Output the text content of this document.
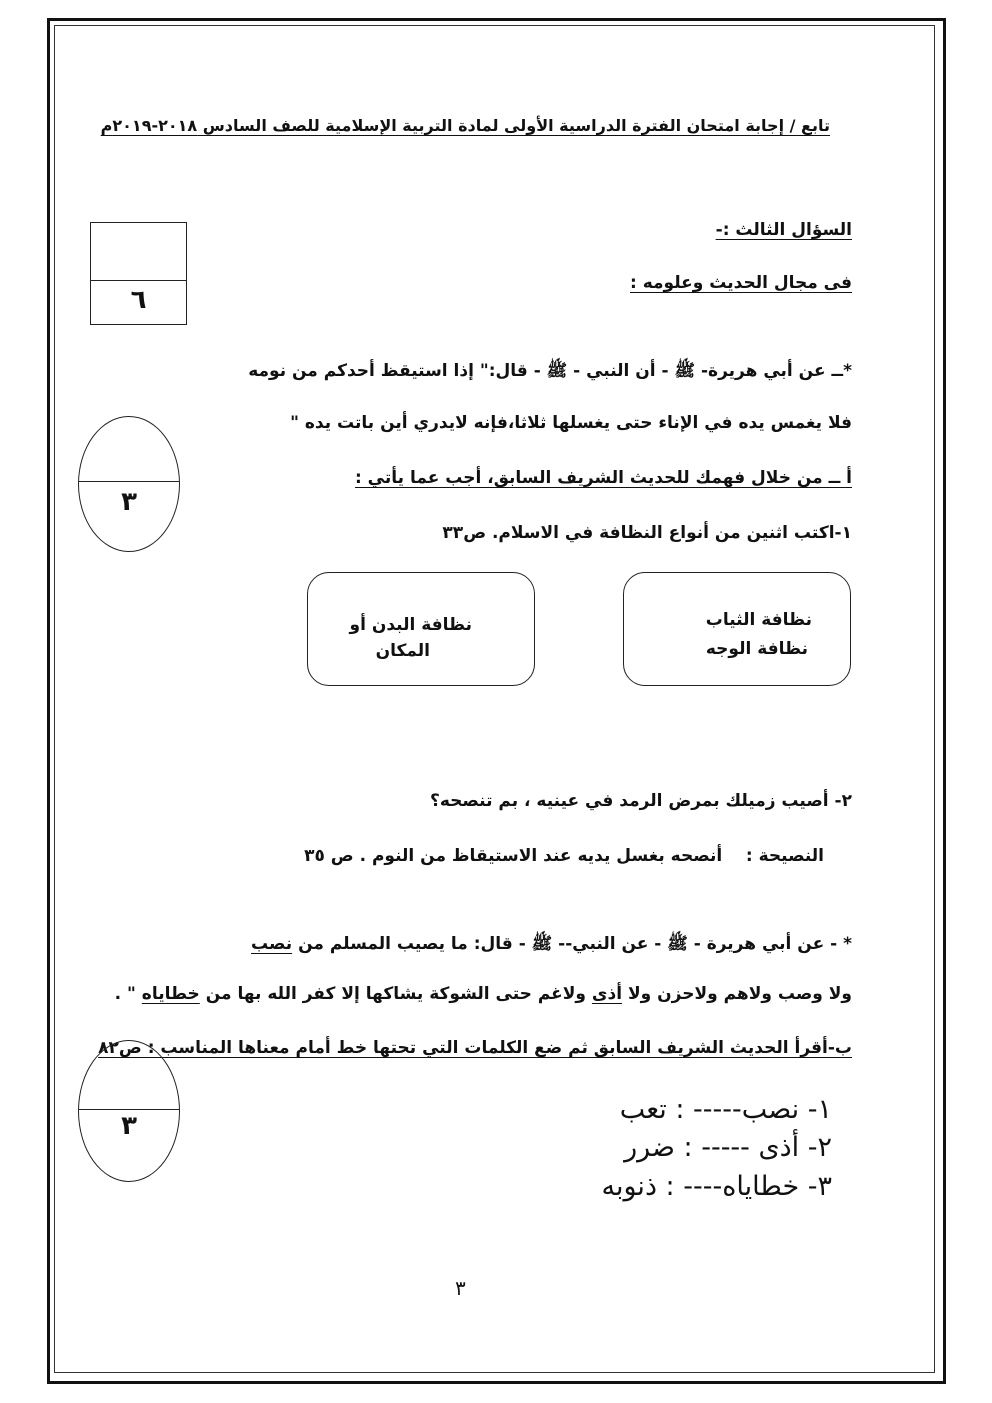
تابع / إجابة امتحان الفترة الدراسية الأولى لمادة التربية الإسلامية للصف السادس ٢٠١٨-٢٠١٩م
السؤال الثالث :-
فى مجال الحديث وعلومه :
٦
*ــ عن أبي هريرة- ﷺ - أن النبي - ﷺ - قال:" إذا استيقظ أحدكم من نومه
فلا يغمس يده في الإناء حتى يغسلها ثلاثا،فإنه لايدري أين باتت يده "
٣
أ ــ من خلال فهمك للحديث الشريف السابق، أجب عما يأتي :
١-اكتب اثنين من أنواع النظافة في الاسلام. ص٣٣
نظافة الثياب
نظافة الوجه
نظافة البدن أو
المكان
٢- أصيب زميلك بمرض الرمد في عينيه ، بم تنصحه؟
النصيحة :    أنصحه بغسل يديه عند الاستيقاظ من النوم . ص ٣٥
* - عن أبي هريرة - ﷺ - عن النبي-- ﷺ - قال: ما يصيب المسلم من نصب
ولا وصب ولاهم ولاحزن ولا أذى ولاغم حتى الشوكة يشاكها إلا كفر الله بها من خطاياه " .
ب-أقرأ الحديث الشريف السابق ثم ضع الكلمات التي تحتها خط أمام معناها المناسب : ص٨٢
٣
١- نصب----- : تعب
٢- أذى ----- : ضرر
٣- خطاياه---- : ذنوبه
٣
